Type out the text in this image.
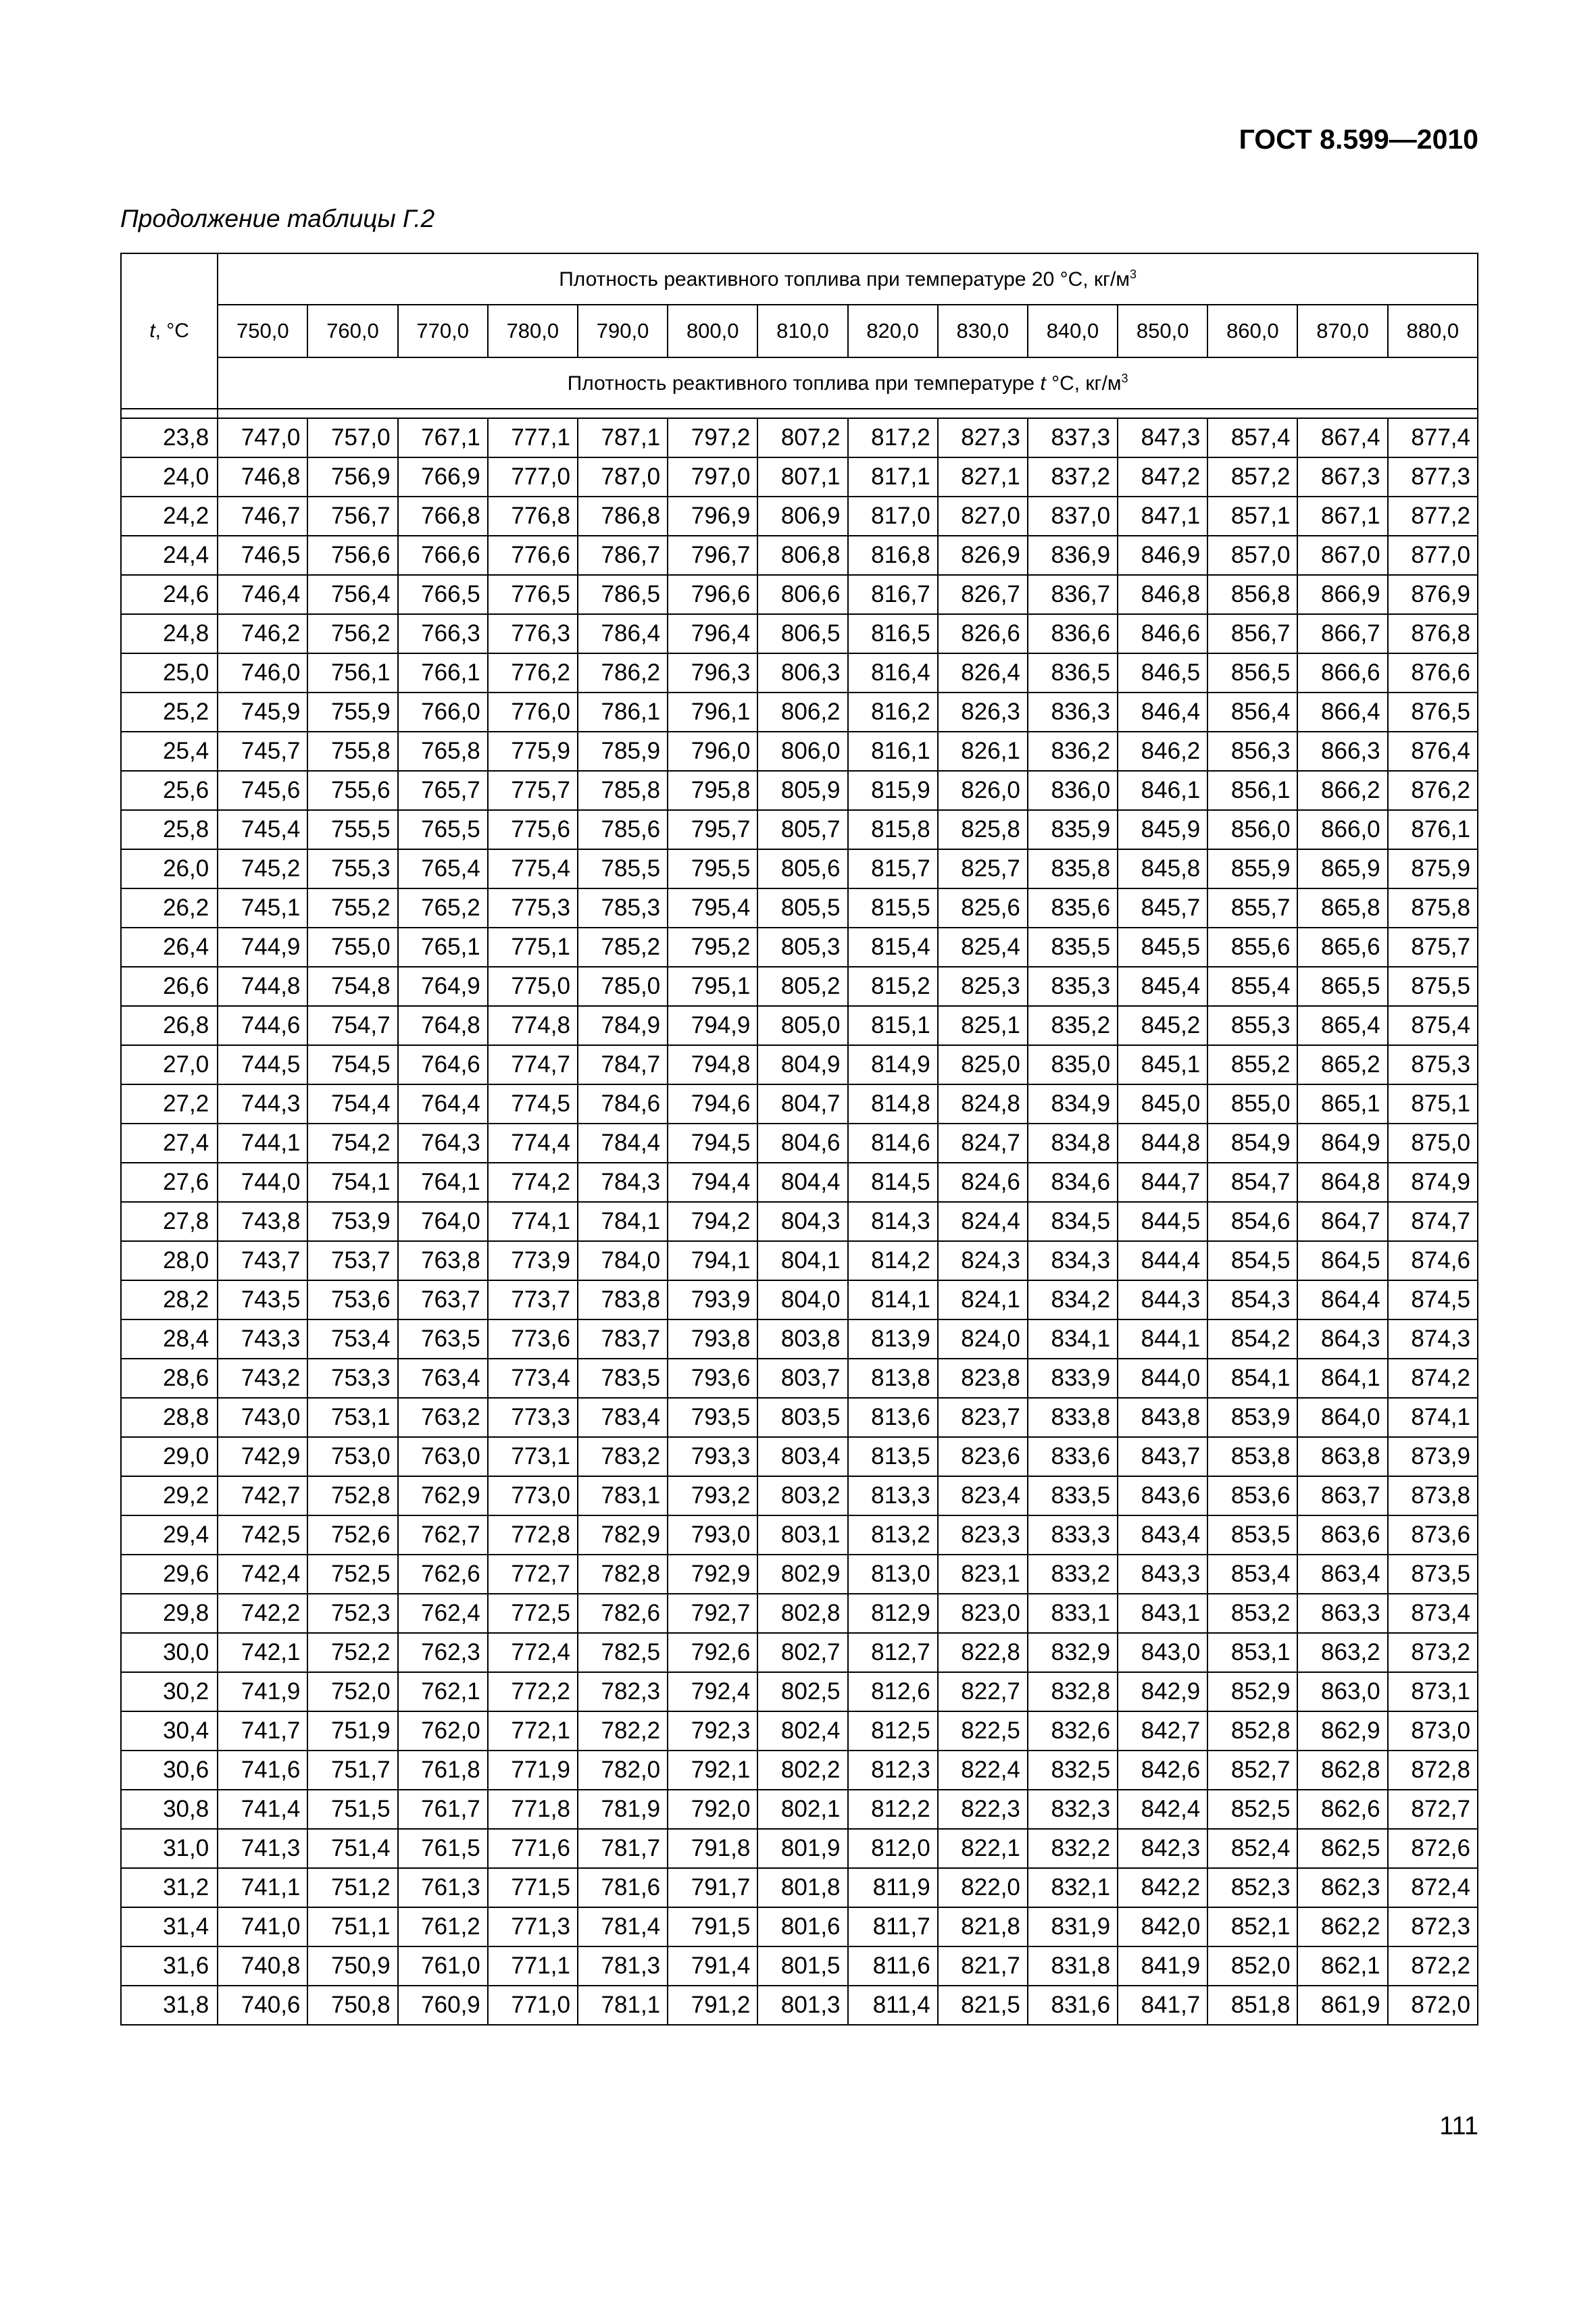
ГОСТ 8.599—2010
Продолжение таблицы Г.2
t, °C	Плотность реактивного топлива при температуре 20 °С, $кг/м^3$
	750,0	760,0	770,0	780,0	790,0	800,0	810,0	820,0	830,0	840,0	850,0	860,0	870,0	880,0
	Плотность реактивного топлива при температуре t °С, $кг/м^3$

23,8	747,0	757,0	767,1	777,1	787,1	797,2	807,2	817,2	827,3	837,3	847,3	857,4	867,4	877,4
24,0	746,8	756,9	766,9	777,0	787,0	797,0	807,1	817,1	827,1	837,2	847,2	857,2	867,3	877,3
24,2	746,7	756,7	766,8	776,8	786,8	796,9	806,9	817,0	827,0	837,0	847,1	857,1	867,1	877,2
24,4	746,5	756,6	766,6	776,6	786,7	796,7	806,8	816,8	826,9	836,9	846,9	857,0	867,0	877,0
24,6	746,4	756,4	766,5	776,5	786,5	796,6	806,6	816,7	826,7	836,7	846,8	856,8	866,9	876,9
24,8	746,2	756,2	766,3	776,3	786,4	796,4	806,5	816,5	826,6	836,6	846,6	856,7	866,7	876,8
25,0	746,0	756,1	766,1	776,2	786,2	796,3	806,3	816,4	826,4	836,5	846,5	856,5	866,6	876,6
25,2	745,9	755,9	766,0	776,0	786,1	796,1	806,2	816,2	826,3	836,3	846,4	856,4	866,4	876,5
25,4	745,7	755,8	765,8	775,9	785,9	796,0	806,0	816,1	826,1	836,2	846,2	856,3	866,3	876,4
25,6	745,6	755,6	765,7	775,7	785,8	795,8	805,9	815,9	826,0	836,0	846,1	856,1	866,2	876,2
25,8	745,4	755,5	765,5	775,6	785,6	795,7	805,7	815,8	825,8	835,9	845,9	856,0	866,0	876,1
26,0	745,2	755,3	765,4	775,4	785,5	795,5	805,6	815,7	825,7	835,8	845,8	855,9	865,9	875,9
26,2	745,1	755,2	765,2	775,3	785,3	795,4	805,5	815,5	825,6	835,6	845,7	855,7	865,8	875,8
26,4	744,9	755,0	765,1	775,1	785,2	795,2	805,3	815,4	825,4	835,5	845,5	855,6	865,6	875,7
26,6	744,8	754,8	764,9	775,0	785,0	795,1	805,2	815,2	825,3	835,3	845,4	855,4	865,5	875,5
26,8	744,6	754,7	764,8	774,8	784,9	794,9	805,0	815,1	825,1	835,2	845,2	855,3	865,4	875,4
27,0	744,5	754,5	764,6	774,7	784,7	794,8	804,9	814,9	825,0	835,0	845,1	855,2	865,2	875,3
27,2	744,3	754,4	764,4	774,5	784,6	794,6	804,7	814,8	824,8	834,9	845,0	855,0	865,1	875,1
27,4	744,1	754,2	764,3	774,4	784,4	794,5	804,6	814,6	824,7	834,8	844,8	854,9	864,9	875,0
27,6	744,0	754,1	764,1	774,2	784,3	794,4	804,4	814,5	824,6	834,6	844,7	854,7	864,8	874,9
27,8	743,8	753,9	764,0	774,1	784,1	794,2	804,3	814,3	824,4	834,5	844,5	854,6	864,7	874,7
28,0	743,7	753,7	763,8	773,9	784,0	794,1	804,1	814,2	824,3	834,3	844,4	854,5	864,5	874,6
28,2	743,5	753,6	763,7	773,7	783,8	793,9	804,0	814,1	824,1	834,2	844,3	854,3	864,4	874,5
28,4	743,3	753,4	763,5	773,6	783,7	793,8	803,8	813,9	824,0	834,1	844,1	854,2	864,3	874,3
28,6	743,2	753,3	763,4	773,4	783,5	793,6	803,7	813,8	823,8	833,9	844,0	854,1	864,1	874,2
28,8	743,0	753,1	763,2	773,3	783,4	793,5	803,5	813,6	823,7	833,8	843,8	853,9	864,0	874,1
29,0	742,9	753,0	763,0	773,1	783,2	793,3	803,4	813,5	823,6	833,6	843,7	853,8	863,8	873,9
29,2	742,7	752,8	762,9	773,0	783,1	793,2	803,2	813,3	823,4	833,5	843,6	853,6	863,7	873,8
29,4	742,5	752,6	762,7	772,8	782,9	793,0	803,1	813,2	823,3	833,3	843,4	853,5	863,6	873,6
29,6	742,4	752,5	762,6	772,7	782,8	792,9	802,9	813,0	823,1	833,2	843,3	853,4	863,4	873,5
29,8	742,2	752,3	762,4	772,5	782,6	792,7	802,8	812,9	823,0	833,1	843,1	853,2	863,3	873,4
30,0	742,1	752,2	762,3	772,4	782,5	792,6	802,7	812,7	822,8	832,9	843,0	853,1	863,2	873,2
30,2	741,9	752,0	762,1	772,2	782,3	792,4	802,5	812,6	822,7	832,8	842,9	852,9	863,0	873,1
30,4	741,7	751,9	762,0	772,1	782,2	792,3	802,4	812,5	822,5	832,6	842,7	852,8	862,9	873,0
30,6	741,6	751,7	761,8	771,9	782,0	792,1	802,2	812,3	822,4	832,5	842,6	852,7	862,8	872,8
30,8	741,4	751,5	761,7	771,8	781,9	792,0	802,1	812,2	822,3	832,3	842,4	852,5	862,6	872,7
31,0	741,3	751,4	761,5	771,6	781,7	791,8	801,9	812,0	822,1	832,2	842,3	852,4	862,5	872,6
31,2	741,1	751,2	761,3	771,5	781,6	791,7	801,8	811,9	822,0	832,1	842,2	852,3	862,3	872,4
31,4	741,0	751,1	761,2	771,3	781,4	791,5	801,6	811,7	821,8	831,9	842,0	852,1	862,2	872,3
31,6	740,8	750,9	761,0	771,1	781,3	791,4	801,5	811,6	821,7	831,8	841,9	852,0	862,1	872,2
31,8	740,6	750,8	760,9	771,0	781,1	791,2	801,3	811,4	821,5	831,6	841,7	851,8	861,9	872,0
111
